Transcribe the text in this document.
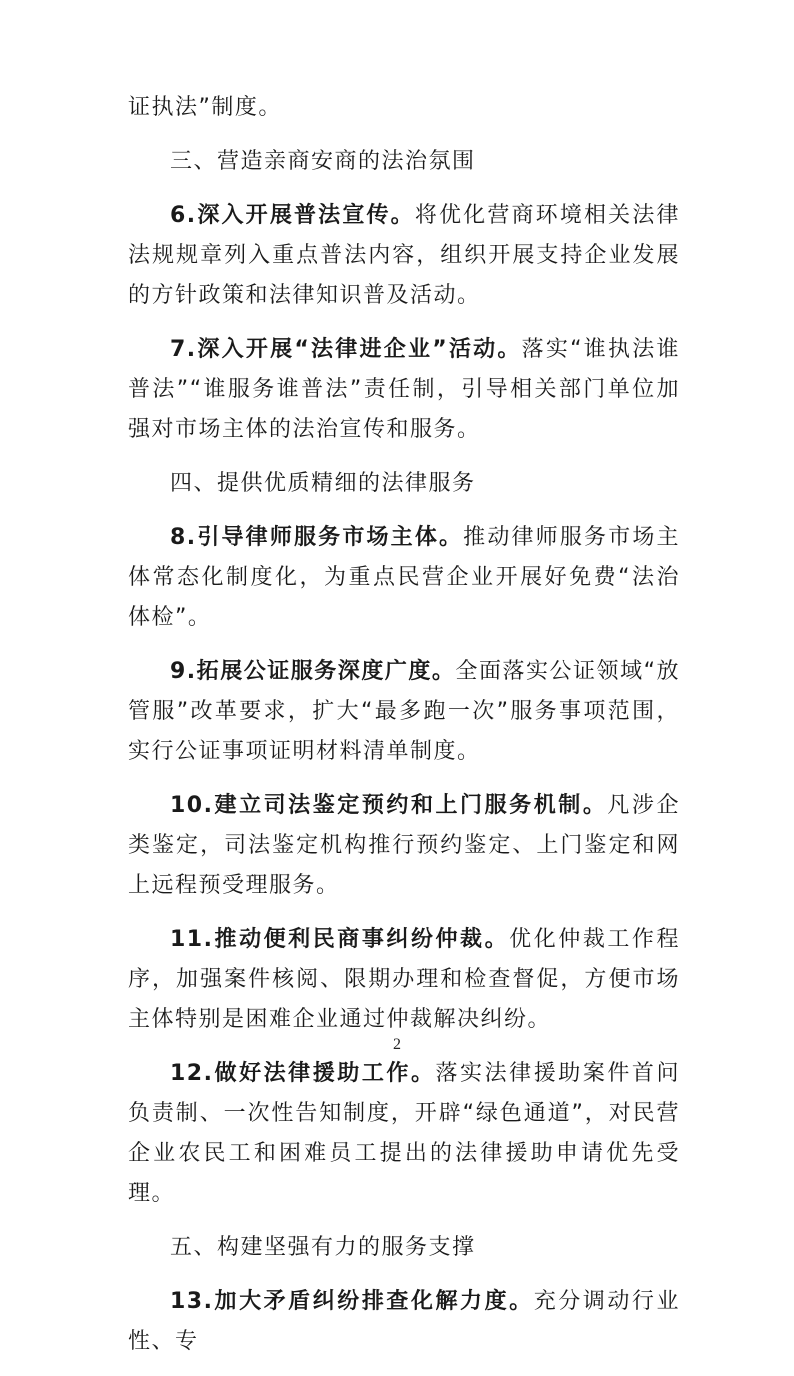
证执法”制度。

三、营造亲商安商的法治氛围

6.深入开展普法宣传。将优化营商环境相关法律法规规章列入重点普法内容，组织开展支持企业发展的方针政策和法律知识普及活动。

7.深入开展“法律进企业”活动。落实“谁执法谁普法”“谁服务谁普法”责任制，引导相关部门单位加强对市场主体的法治宣传和服务。

四、提供优质精细的法律服务

8.引导律师服务市场主体。推动律师服务市场主体常态化制度化，为重点民营企业开展好免费“法治体检”。

9.拓展公证服务深度广度。全面落实公证领域“放管服”改革要求，扩大“最多跑一次”服务事项范围，实行公证事项证明材料清单制度。

10.建立司法鉴定预约和上门服务机制。凡涉企类鉴定，司法鉴定机构推行预约鉴定、上门鉴定和网上远程预受理服务。

11.推动便利民商事纠纷仲裁。优化仲裁工作程序，加强案件核阅、限期办理和检查督促，方便市场主体特别是困难企业通过仲裁解决纠纷。

12.做好法律援助工作。落实法律援助案件首问负责制、一次性告知制度，开辟“绿色通道”，对民营企业农民工和困难员工提出的法律援助申请优先受理。

五、构建坚强有力的服务支撑

13.加大矛盾纠纷排查化解力度。充分调动行业性、专

2
